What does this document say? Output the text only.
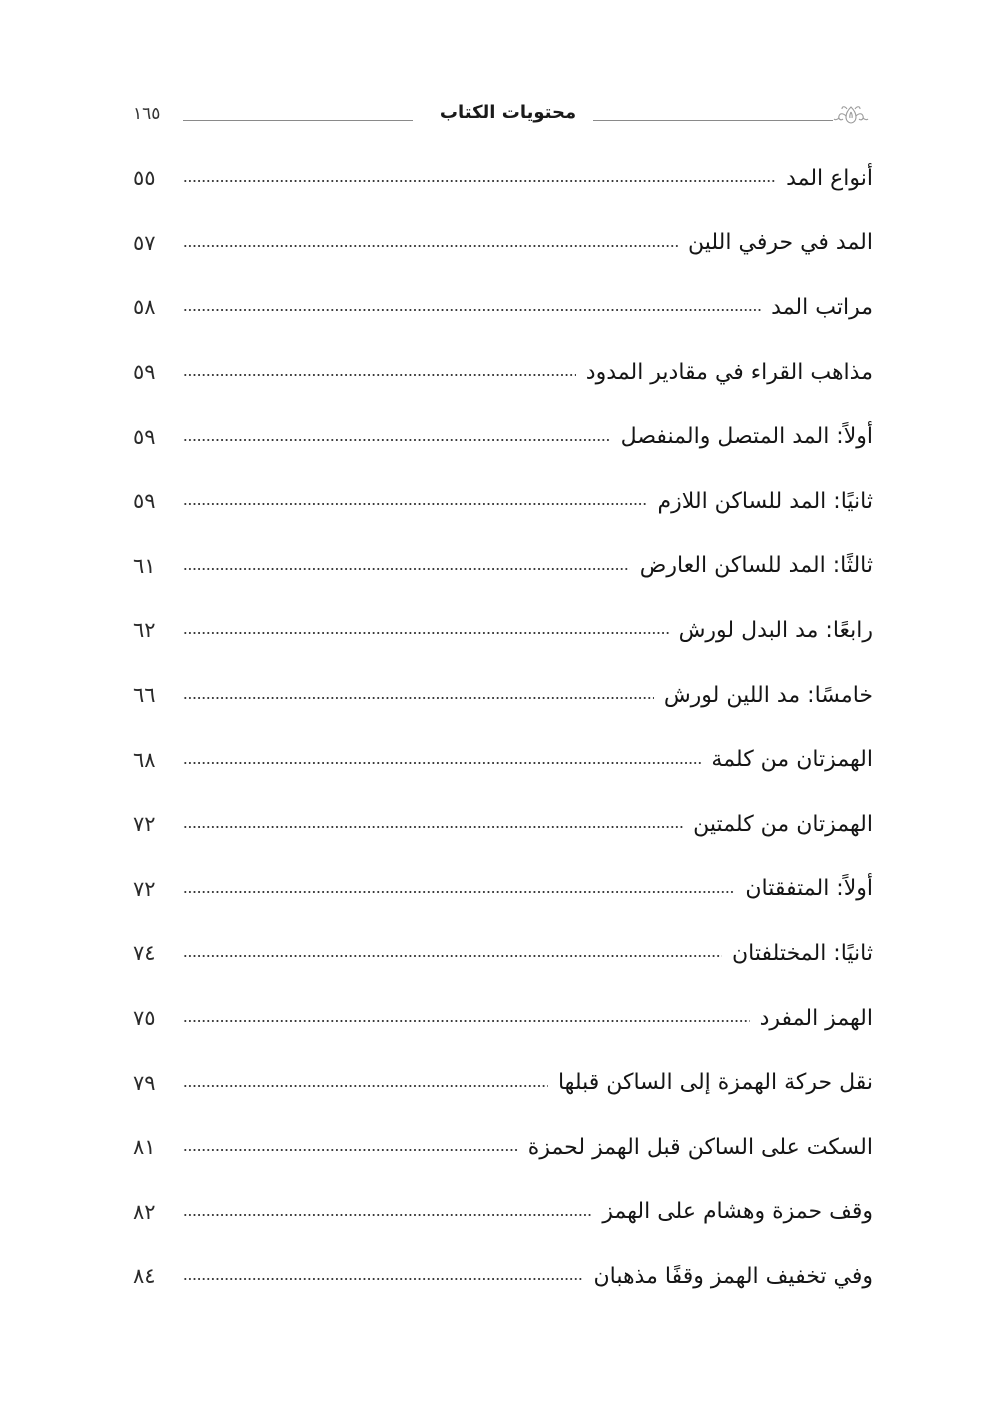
١٦٥	محتويات الكتاب
٥٥	أنواع المد
٥٧	المد في حرفي اللين
٥٨	مراتب المد
٥٩	مذاهب القراء في مقادير المدود
٥٩	أولاً: المد المتصل والمنفصل
٥٩	ثانيًا: المد للساكن اللازم
٦١	ثالثًا: المد للساكن العارض
٦٢	رابعًا: مد البدل لورش
٦٦	خامسًا: مد اللين لورش
٦٨	الهمزتان من كلمة
٧٢	الهمزتان من كلمتين
٧٢	أولاً: المتفقتان
٧٤	ثانيًا: المختلفتان
٧٥	الهمز المفرد
٧٩	نقل حركة الهمزة إلى الساكن قبلها
٨١	السكت على الساكن قبل الهمز لحمزة
٨٢	وقف حمزة وهشام على الهمز
٨٤	وفي تخفيف الهمز وقفًا مذهبان
